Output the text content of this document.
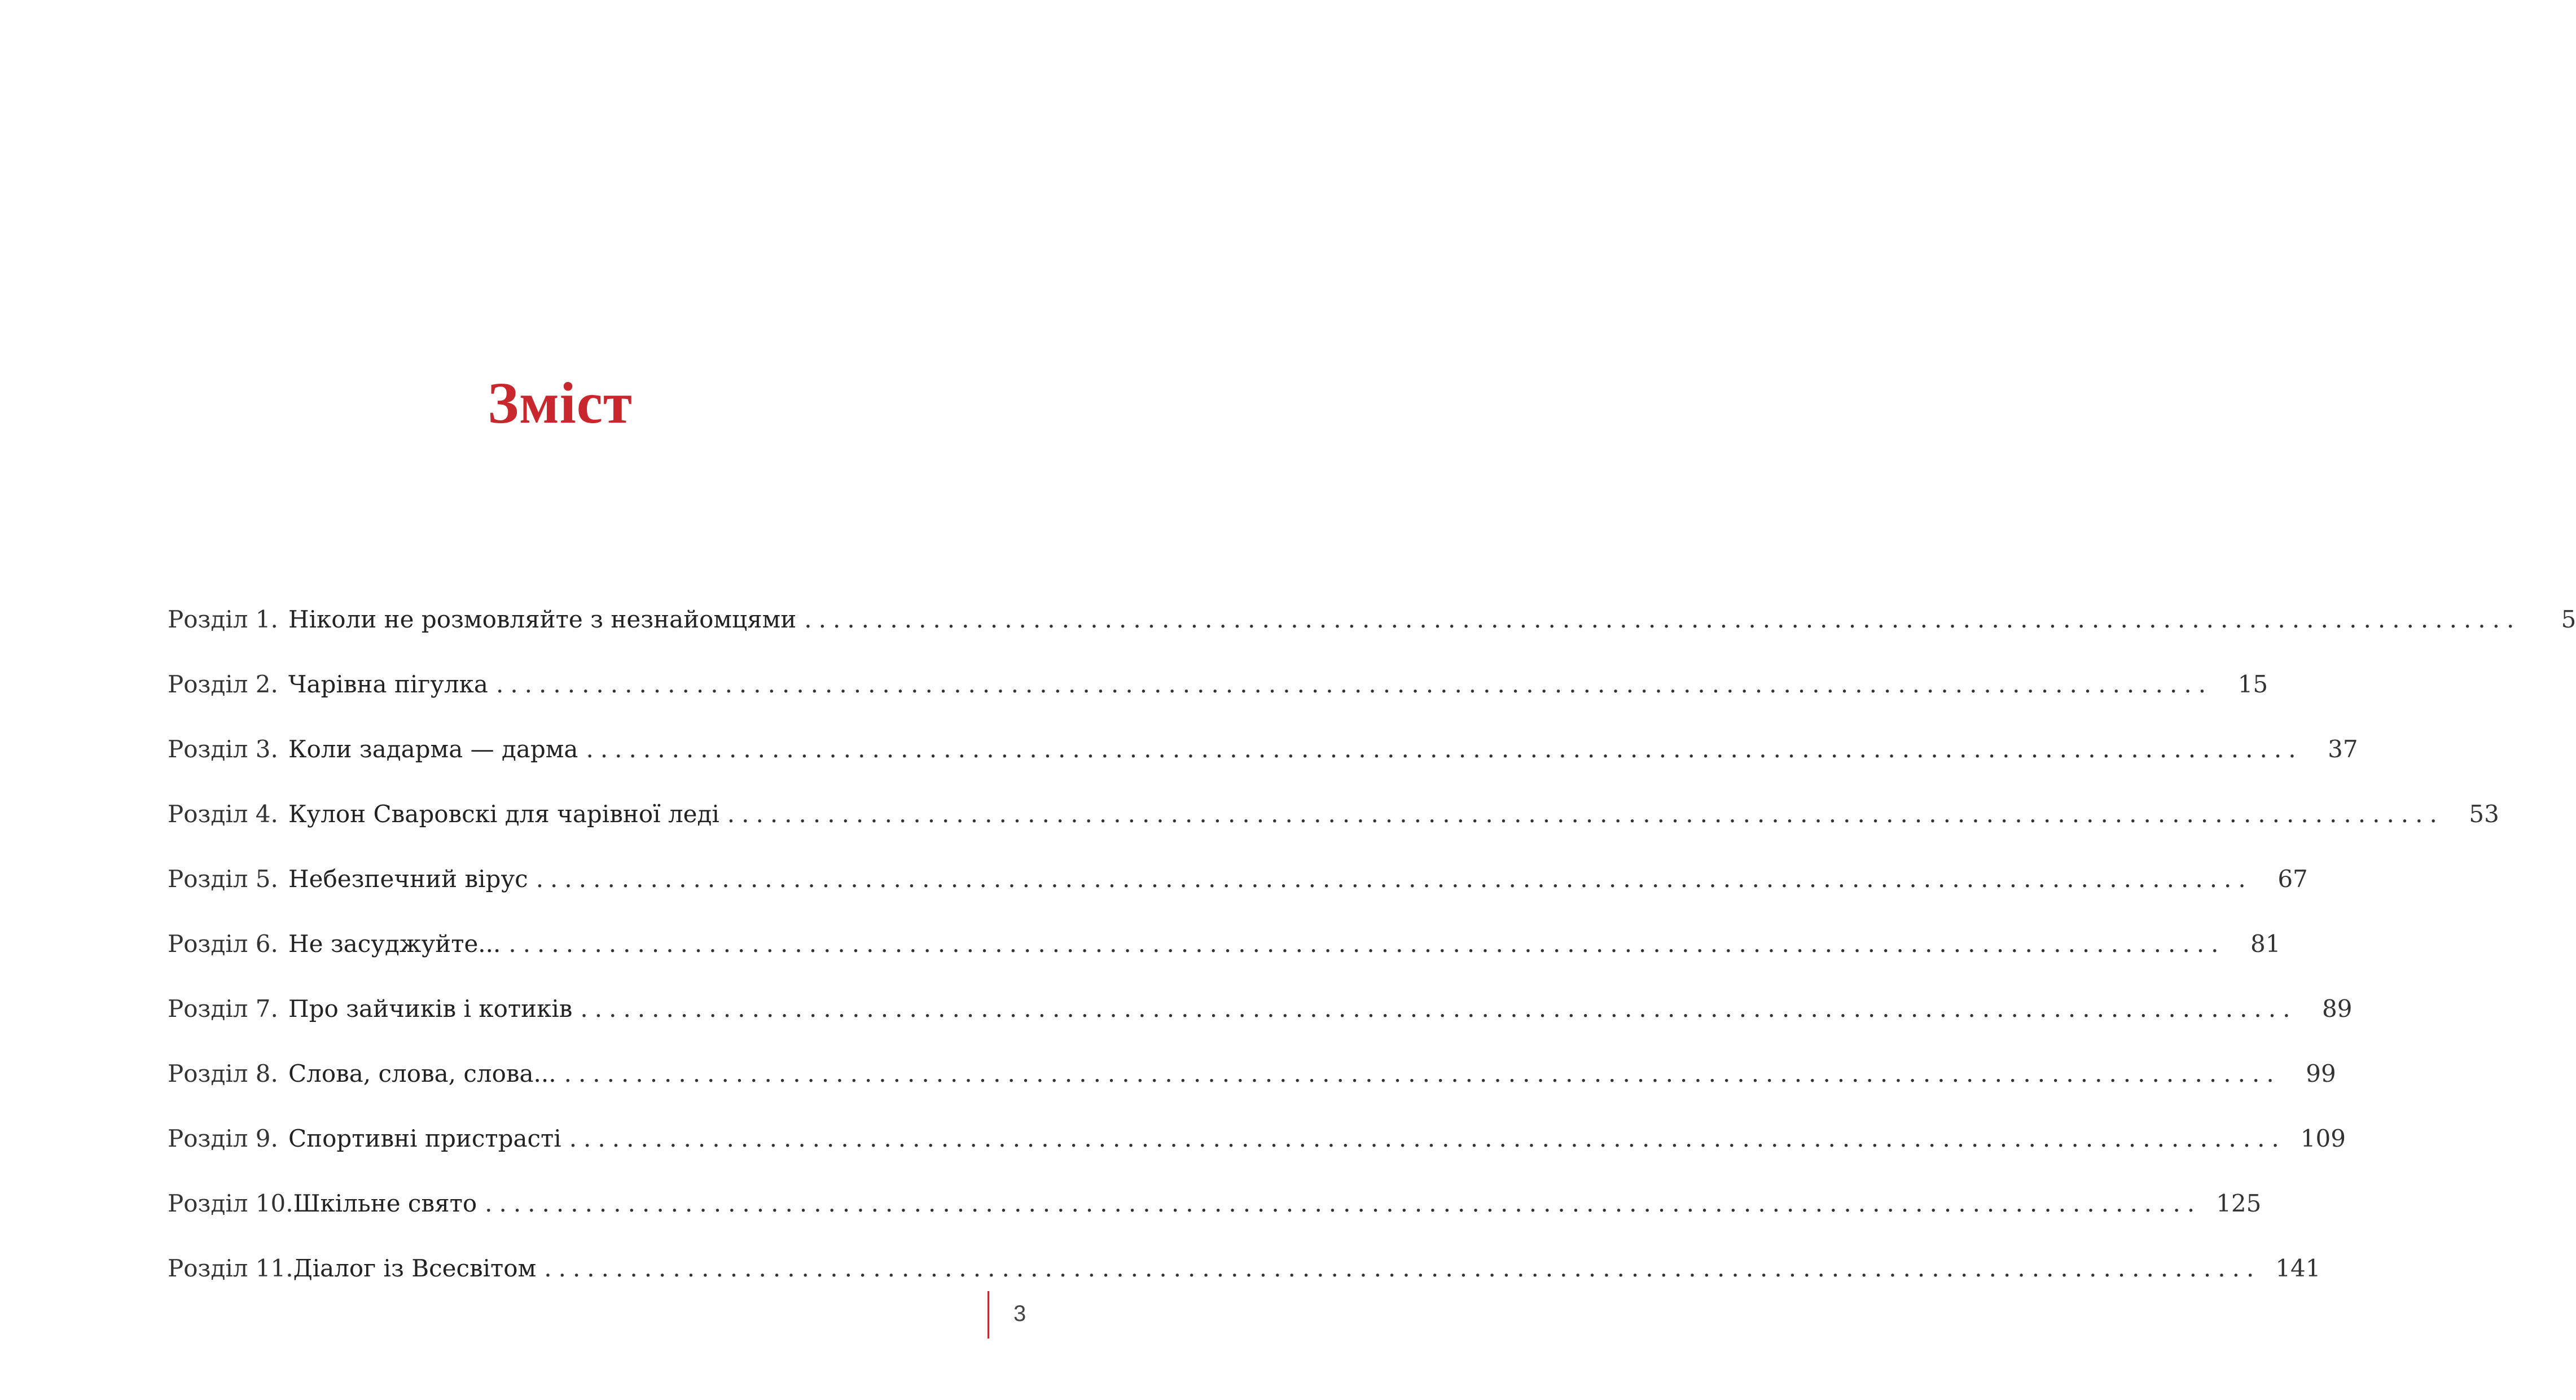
Зміст
Розділ 1. Ніколи не розмовляйте з незнайомцями ........................................................................................................................	5
Розділ 2. Чарівна пігулка ........................................................................................................................	15
Розділ 3. Коли задарма — дарма ........................................................................................................................	37
Розділ 4. Кулон Сваровскі для чарівної леді ........................................................................................................................	53
Розділ 5. Небезпечний вірус ........................................................................................................................	67
Розділ 6. Не засуджуйте... ........................................................................................................................	81
Розділ 7. Про зайчиків і котиків ........................................................................................................................	89
Розділ 8. Слова, слова, слова... ........................................................................................................................	99
Розділ 9. Спортивні пристрасті ........................................................................................................................ 109
Розділ 10. Шкільне свято ........................................................................................................................ 125
Розділ 11. Діалог із Всесвітом ........................................................................................................................ 141
3
